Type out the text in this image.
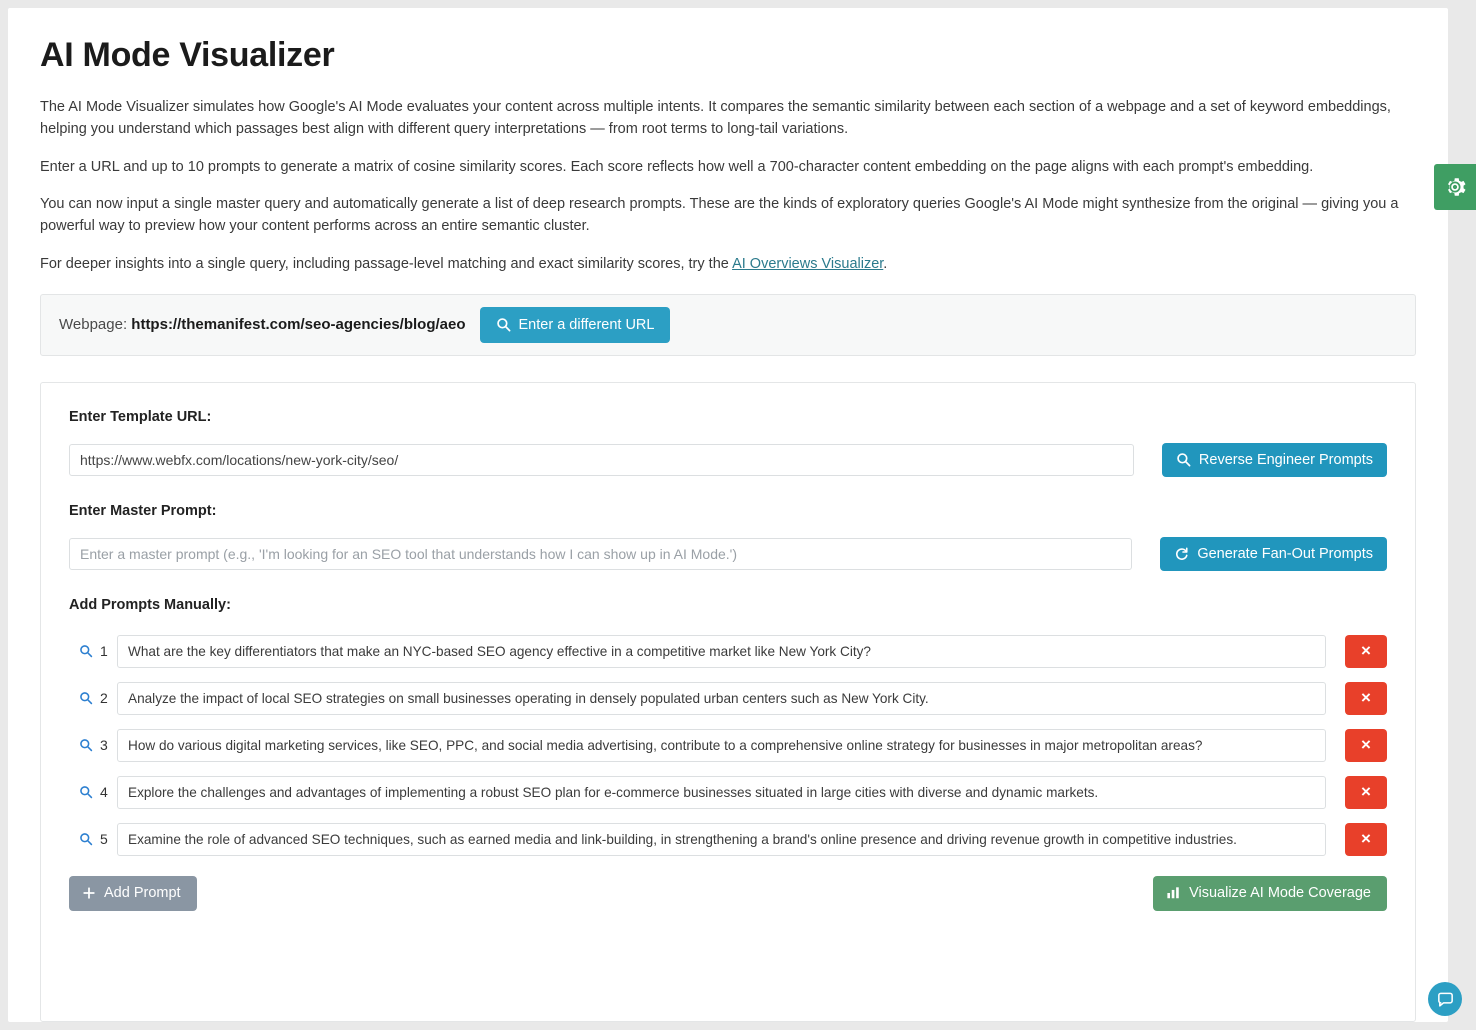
AI Mode Visualizer

The AI Mode Visualizer simulates how Google's AI Mode evaluates your content across multiple intents. It compares the semantic similarity between each section of a webpage and a set of keyword embeddings, helping you understand which passages best align with different query interpretations — from root terms to long-tail variations.

Enter a URL and up to 10 prompts to generate a matrix of cosine similarity scores. Each score reflects how well a 700-character content embedding on the page aligns with each prompt's embedding.

You can now input a single master query and automatically generate a list of deep research prompts. These are the kinds of exploratory queries Google's AI Mode might synthesize from the original — giving you a powerful way to preview how your content performs across an entire semantic cluster.

For deeper insights into a single query, including passage-level matching and exact similarity scores, try the AI Overviews Visualizer.

Webpage: https://themanifest.com/seo-agencies/blog/aeo	Enter a different URL
Enter Template URL:
https://www.webfx.com/locations/new-york-city/seo/
Reverse Engineer Prompts
Enter Master Prompt:
Enter a master prompt (e.g., 'I'm looking for an SEO tool that understands how I can show up in AI Mode.')
Generate Fan-Out Prompts
Add Prompts Manually:
1
What are the key differentiators that make an NYC-based SEO agency effective in a competitive market like New York City?	×
2
Analyze the impact of local SEO strategies on small businesses operating in densely populated urban centers such as New York City.	×
3
How do various digital marketing services, like SEO, PPC, and social media advertising, contribute to a comprehensive online strategy for businesses in major metropolitan areas?	×
4
Explore the challenges and advantages of implementing a robust SEO plan for e-commerce businesses situated in large cities with diverse and dynamic markets.	×
5
Examine the role of advanced SEO techniques, such as earned media and link-building, in strengthening a brand's online presence and driving revenue growth in competitive industries.	×
Add Prompt	Visualize AI Mode Coverage
